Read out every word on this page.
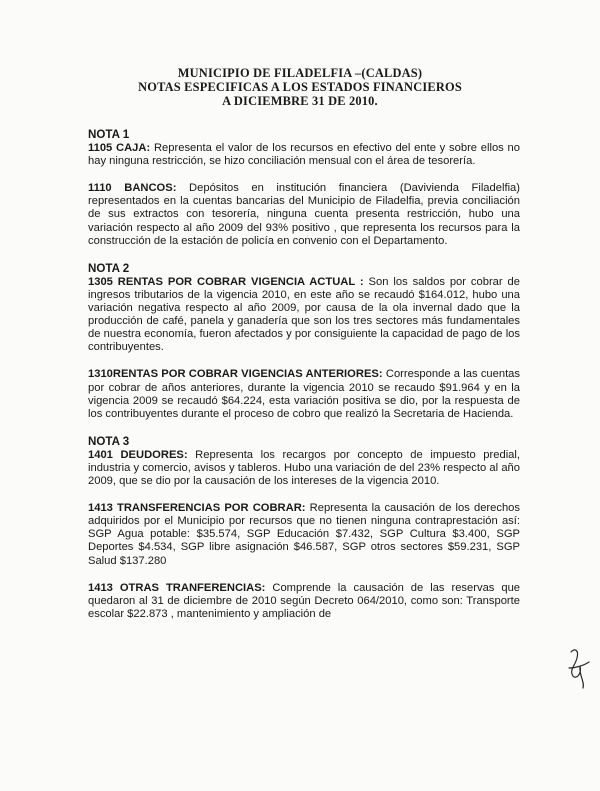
MUNICIPIO DE FILADELFIA –(CALDAS)
NOTAS ESPECIFICAS A LOS ESTADOS FINANCIEROS
A DICIEMBRE 31 DE 2010.
NOTA 1

1105 CAJA: Representa el valor de los recursos en efectivo del ente y sobre ellos no hay ninguna restricción, se hizo conciliación mensual con el área de tesorería.

1110 BANCOS: Depósitos en institución financiera (Davivienda Filadelfia) representados en la cuentas bancarias del Municipio de Filadelfia, previa conciliación de sus extractos con tesorería, ninguna cuenta presenta restricción, hubo una variación respecto al año 2009 del 93% positivo , que representa los recursos para la construcción de la estación de policía en convenio con el Departamento.

NOTA 2

1305 RENTAS POR COBRAR VIGENCIA ACTUAL : Son los saldos por cobrar de ingresos tributarios de la vigencia 2010, en este año se recaudó $164.012, hubo una variación negativa respecto al año 2009, por causa de la ola invernal dado que la producción de café, panela y ganadería que son los tres sectores más fundamentales de nuestra economía, fueron afectados y por consiguiente la capacidad de pago de los contribuyentes.

1310RENTAS POR COBRAR VIGENCIAS ANTERIORES: Corresponde a las cuentas por cobrar de años anteriores, durante la vigencia 2010 se recaudo $91.964 y en la vigencia 2009 se recaudó $64.224, esta variación positiva se dio, por la respuesta de los contribuyentes durante el proceso de cobro que realizó la Secretaria de Hacienda.

NOTA 3

1401 DEUDORES: Representa los recargos por concepto de impuesto predial, industria y comercio, avisos y tableros. Hubo una variación de del 23% respecto al año 2009, que se dio por la causación de los intereses de la vigencia 2010.

1413 TRANSFERENCIAS POR COBRAR: Representa la causación de los derechos adquiridos por el Municipio por recursos que no tienen ninguna contraprestación así: SGP Agua potable: $35.574, SGP Educación $7.432, SGP Cultura $3.400, SGP Deportes $4.534, SGP libre asignación $46.587, SGP otros sectores $59.231, SGP Salud $137.280

1413 OTRAS TRANFERENCIAS: Comprende la causación de las reservas que quedaron al 31 de diciembre de 2010 según Decreto 064/2010, como son: Transporte escolar $22.873 , mantenimiento y ampliación de
